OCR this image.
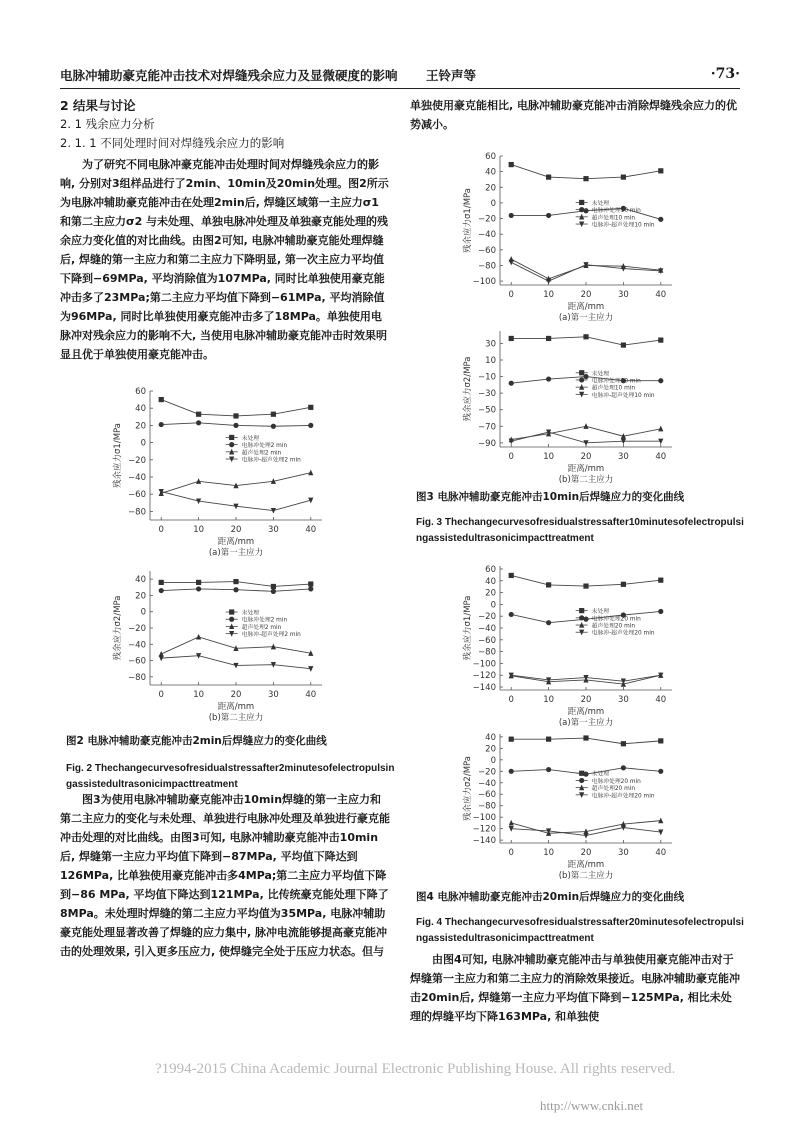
电脉冲辅助豪克能冲击技术对焊缝残余应力及显微硬度的影响 王铃声等	·73·
2 结果与讨论
2. 1 残余应力分析
2. 1. 1 不同处理时间对焊缝残余应力的影响
为了研究不同电脉冲豪克能冲击处理时间对焊缝残余应力的影响, 分别对3组样品进行了2min、10min及20min处理。图2所示为电脉冲辅助豪克能冲击在处理2min后, 焊缝区域第一主应力σ1 和第二主应力σ2 与未处理、单独电脉冲处理及单独豪克能处理的残余应力变化值的对比曲线。由图2可知, 电脉冲辅助豪克能处理焊缝后, 焊缝的第一主应力和第二主应力下降明显, 第一次主应力平均值下降到−69MPa, 平均消除值为107MPa, 同时比单独使用豪克能冲击多了23MPa;第二主应力平均值下降到−61MPa, 平均消除值为96MPa, 同时比单独使用豪克能冲击多了18MPa。单独使用电脉冲对残余应力的影响不大, 当使用电脉冲辅助豪克能冲击时效果明显且优于单独使用豪克能冲击。
60
40
20
0
−20
−40
−60
−80
0	10	20	30	40
距离/mm
(a)第一主应力
残余应力σ1/MPa	未处理
电脉冲处理2 min
超声处理2 min
电脉冲-超声处理2 min
40
20
0
−20
−40
−60
−80
0	10	20	30	40
距离/mm
(b)第二主应力
残余应力σ2/MPa	未处理
电脉冲处理2 min
超声处理2 min
电脉冲-超声处理2 min
图2 电脉冲辅助豪克能冲击2min后焊缝应力的变化曲线
Fig. 2 Thechangecurvesofresidualstressafter2minutesofelectropulsingassistedultrasonicimpacttreatment
图3为使用电脉冲辅助豪克能冲击10min焊缝的第一主应力和第二主应力的变化与未处理、单独进行电脉冲处理及单独进行豪克能冲击处理的对比曲线。由图3可知, 电脉冲辅助豪克能冲击10min后, 焊缝第一主应力平均值下降到−87MPa, 平均值下降达到126MPa, 比单独使用豪克能冲击多4MPa;第二主应力平均值下降到−86 MPa, 平均值下降达到121MPa, 比传统豪克能处理下降了8MPa。未处理时焊缝的第二主应力平均值为35MPa, 电脉冲辅助豪克能处理显著改善了焊缝的应力集中, 脉冲电流能够提高豪克能冲击的处理效果, 引入更多压应力, 使焊缝完全处于压应力状态。但与
单独使用豪克能相比, 电脉冲辅助豪克能冲击消除焊缝残余应力的优势减小。
60
40
20
0
−20
−40
−60
−80
−100
0	10	20	30	40
距离/mm
(a)第一主应力
残余应力σ1/MPa	未处理
电脉冲处理10 min
超声处理10 min
电脉冲-超声处理10 min
30
10
−10
−30
−50
−70
−90
0	10	20	30	40
距离/mm
(b)第二主应力
残余应力σ2/MPa	未处理
电脉冲处理10 min
超声处理10 min
电脉冲-超声处理10 min
图3 电脉冲辅助豪克能冲击10min后焊缝应力的变化曲线
Fig. 3 Thechangecurvesofresidualstressafter10minutesofelectropulsingassistedultrasonicimpacttreatment
60
40
20
0
−20
−40
−60
−80
−100
−120
−140
0	10	20	30	40
距离/mm
(a)第一主应力
残余应力σ1/MPa	未处理
电脉冲处理20 min
超声处理20 min
电脉冲-超声处理20 min
40
20
0
−20
−40
−60
−80
−100
−120
−140
0	10	20	30	40
距离/mm
(b)第二主应力
残余应力σ2/MPa	未处理
电脉冲处理20 min
超声处理20 min
电脉冲-超声处理20 min
图4 电脉冲辅助豪克能冲击20min后焊缝应力的变化曲线
Fig. 4 Thechangecurvesofresidualstressafter20minutesofelectropulsingassistedultrasonicimpacttreatment
由图4可知, 电脉冲辅助豪克能冲击与单独使用豪克能冲击对于焊缝第一主应力和第二主应力的消除效果接近。电脉冲辅助豪克能冲击20min后, 焊缝第一主应力平均值下降到−125MPa, 相比未处理的焊缝平均下降163MPa, 和单独使
?1994-2015 China Academic Journal Electronic Publishing House. All rights reserved.
http://www.cnki.net
